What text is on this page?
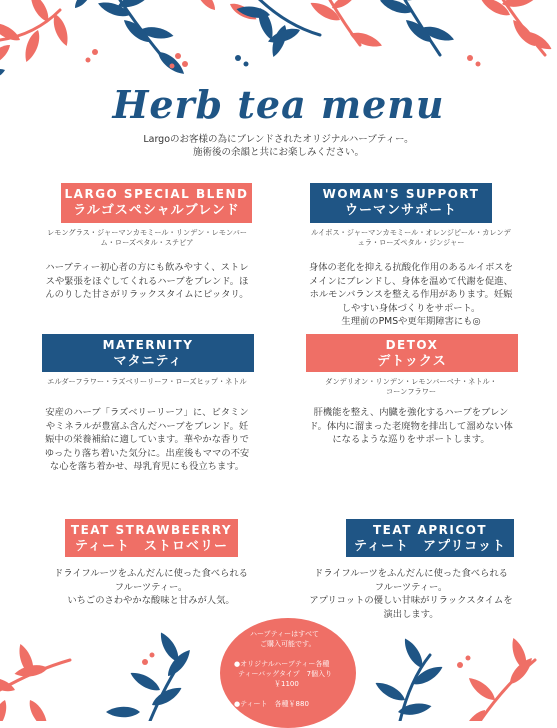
Herb tea menu
Largoのお客様の為にブレンドされたオリジナルハーブティー。
施術後の余韻と共にお楽しみください。
LARGO SPECIAL BLEND
ラルゴスペシャルブレンド
レモングラス・ジャーマンカモミール・リンデン・レモンバー
ム・ローズペタル・ステビア
ハーブティー初心者の方にも飲みやすく、ストレ
スや緊張をほぐしてくれるハーブをブレンド。ほ
んのりした甘さがリラックスタイムにピッタリ。
WOMAN'S SUPPORT
ウーマンサポート
ルイボス・ジャーマンカモミール・オレンジピール・カレンデ
ュラ・ローズペタル・ジンジャー
身体の老化を抑える抗酸化作用のあるルイボスを
メインにブレンドし、身体を温めて代謝を促進、
ホルモンバランスを整える作用があります。妊娠
しやすい身体づくりをサポート。
生理前のPMSや更年期障害にも◎
MATERNITY
マタニティ
エルダーフラワー・ラズベリーリーフ・ローズヒップ・ネトル
安産のハーブ「ラズベリーリーフ」に、ビタミン
やミネラルが豊富ふ含んだハーブをブレンド。妊
娠中の栄養補給に適しています。華やかな香りで
ゆったり落ち着いた気分に。出産後もママの不安
な心を落ち着かせ、母乳育児にも役立ちます。
DETOX
デトックス
ダンデリオン・リンデン・レモンバーベナ・ネトル・
コーンフラワー
肝機能を整え、内臓を強化するハーブをブレン
ド。体内に溜まった老廃物を排出して溜めない体
になるような巡りをサポートします。
TEAT STRAWBEERRY
ティート　ストロベリー
ドライフルーツをふんだんに使った食べられる
フルーツティー。
いちごのさわやかな酸味と甘みが人気。
TEAT APRICOT
ティート　アプリコット
ドライフルーツをふんだんに使った食べられる
フルーツティー。
アプリコットの優しい甘味がリラックスタイムを
演出します。
ハーブティーはすべて
ご購入可能です。
●オリジナルハーブティー各種
ティーバッグタイプ　7個入り
￥1100
●ティート　各種￥880
